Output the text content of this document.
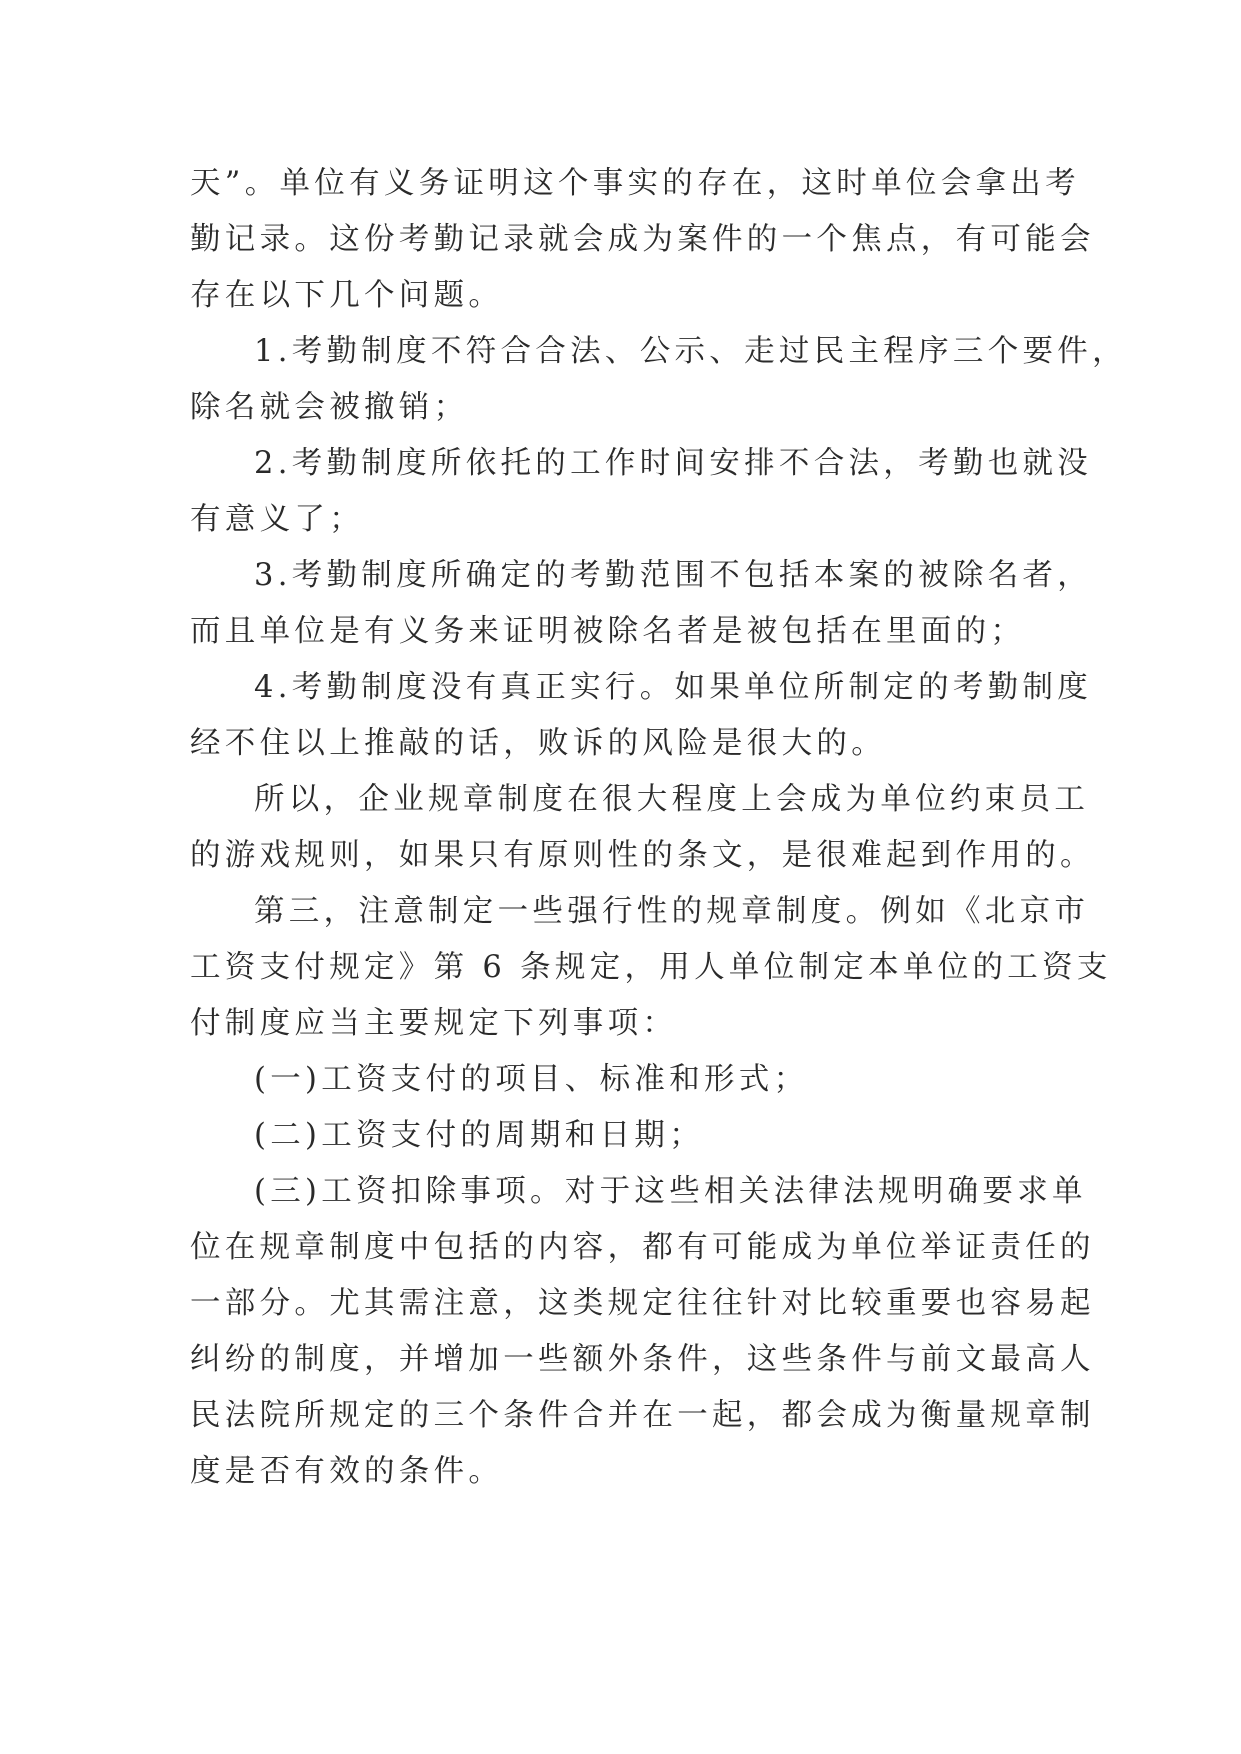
天”。单位有义务证明这个事实的存在，这时单位会拿出考
勤记录。这份考勤记录就会成为案件的一个焦点，有可能会
存在以下几个问题。
1.考勤制度不符合合法、公示、走过民主程序三个要件，
除名就会被撤销；
2.考勤制度所依托的工作时间安排不合法，考勤也就没
有意义了；
3.考勤制度所确定的考勤范围不包括本案的被除名者，
而且单位是有义务来证明被除名者是被包括在里面的；
4.考勤制度没有真正实行。如果单位所制定的考勤制度
经不住以上推敲的话，败诉的风险是很大的。
所以，企业规章制度在很大程度上会成为单位约束员工
的游戏规则，如果只有原则性的条文，是很难起到作用的。
第三，注意制定一些强行性的规章制度。例如《北京市
工资支付规定》第 6 条规定，用人单位制定本单位的工资支
付制度应当主要规定下列事项：
(一)工资支付的项目、标准和形式；
(二)工资支付的周期和日期；
(三)工资扣除事项。对于这些相关法律法规明确要求单
位在规章制度中包括的内容，都有可能成为单位举证责任的
一部分。尤其需注意，这类规定往往针对比较重要也容易起
纠纷的制度，并增加一些额外条件，这些条件与前文最高人
民法院所规定的三个条件合并在一起，都会成为衡量规章制
度是否有效的条件。
